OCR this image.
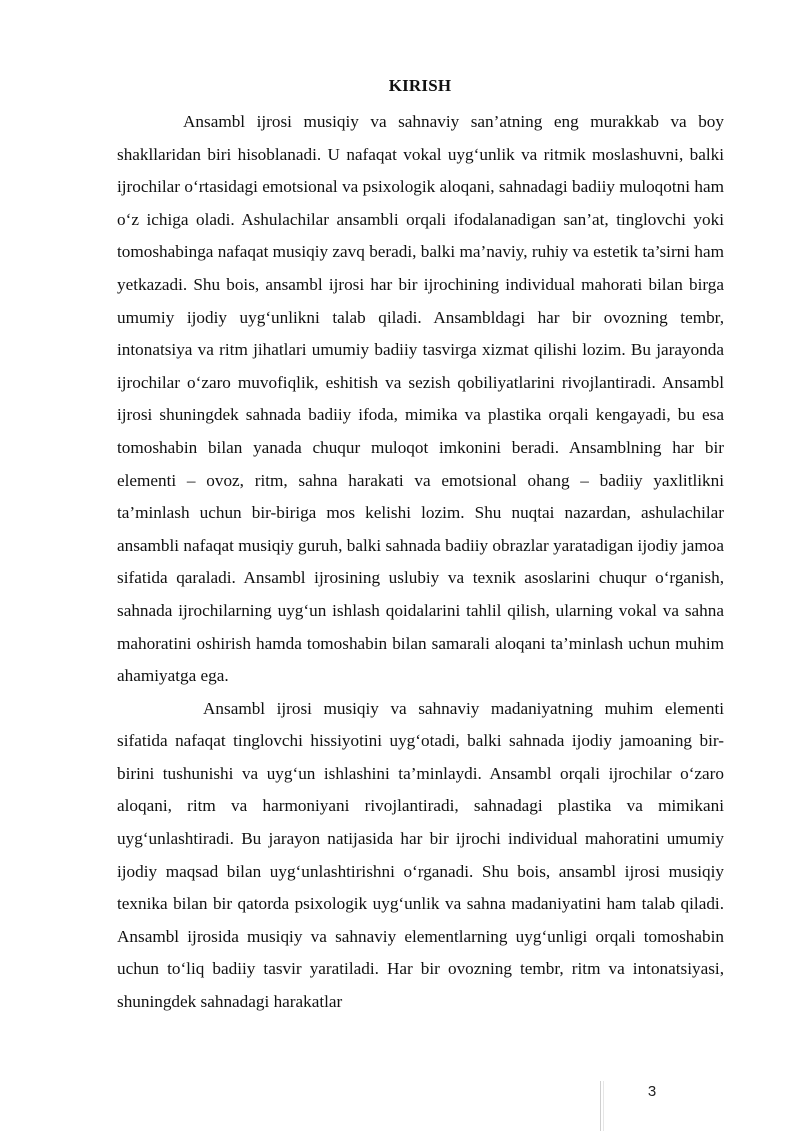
KIRISH

Ansambl ijrosi musiqiy va sahnaviy san’atning eng murakkab va boy shakllaridan biri hisoblanadi. U nafaqat vokal uyg‘unlik va ritmik moslashuvni, balki ijrochilar o‘rtasidagi emotsional va psixologik aloqani, sahnadagi badiiy muloqotni ham o‘z ichiga oladi. Ashulachilar ansambli orqali ifodalanadigan san’at, tinglovchi yoki tomoshabinga nafaqat musiqiy zavq beradi, balki ma’naviy, ruhiy va estetik ta’sirni ham yetkazadi. Shu bois, ansambl ijrosi har bir ijrochining individual mahorati bilan birga umumiy ijodiy uyg‘unlikni talab qiladi. Ansambldagi har bir ovozning tembr, intonatsiya va ritm jihatlari umumiy badiiy tasvirga xizmat qilishi lozim. Bu jarayonda ijrochilar o‘zaro muvofiqlik, eshitish va sezish qobiliyatlarini rivojlantiradi. Ansambl ijrosi shuningdek sahnada badiiy ifoda, mimika va plastika orqali kengayadi, bu esa tomoshabin bilan yanada chuqur muloqot imkonini beradi. Ansamblning har bir elementi – ovoz, ritm, sahna harakati va emotsional ohang – badiiy yaxlitlikni ta’minlash uchun bir-biriga mos kelishi lozim. Shu nuqtai nazardan, ashulachilar ansambli nafaqat musiqiy guruh, balki sahnada badiiy obrazlar yaratadigan ijodiy jamoa sifatida qaraladi. Ansambl ijrosining uslubiy va texnik asoslarini chuqur o‘rganish, sahnada ijrochilarning uyg‘un ishlash qoidalarini tahlil qilish, ularning vokal va sahna mahoratini oshirish hamda tomoshabin bilan samarali aloqani ta’minlash uchun muhim ahamiyatga ega.

Ansambl ijrosi musiqiy va sahnaviy madaniyatning muhim elementi sifatida nafaqat tinglovchi hissiyotini uyg‘otadi, balki sahnada ijodiy jamoaning bir-birini tushunishi va uyg‘un ishlashini ta’minlaydi. Ansambl orqali ijrochilar o‘zaro aloqani, ritm va harmoniyani rivojlantiradi, sahnadagi plastika va mimikani uyg‘unlashtiradi. Bu jarayon natijasida har bir ijrochi individual mahoratini umumiy ijodiy maqsad bilan uyg‘unlashtirishni o‘rganadi. Shu bois, ansambl ijrosi musiqiy texnika bilan bir qatorda psixologik uyg‘unlik va sahna madaniyatini ham talab qiladi. Ansambl ijrosida musiqiy va sahnaviy elementlarning uyg‘unligi orqali tomoshabin uchun to‘liq badiiy tasvir yaratiladi. Har bir ovozning tembr, ritm va intonatsiyasi, shuningdek sahnadagi harakatlar

3
